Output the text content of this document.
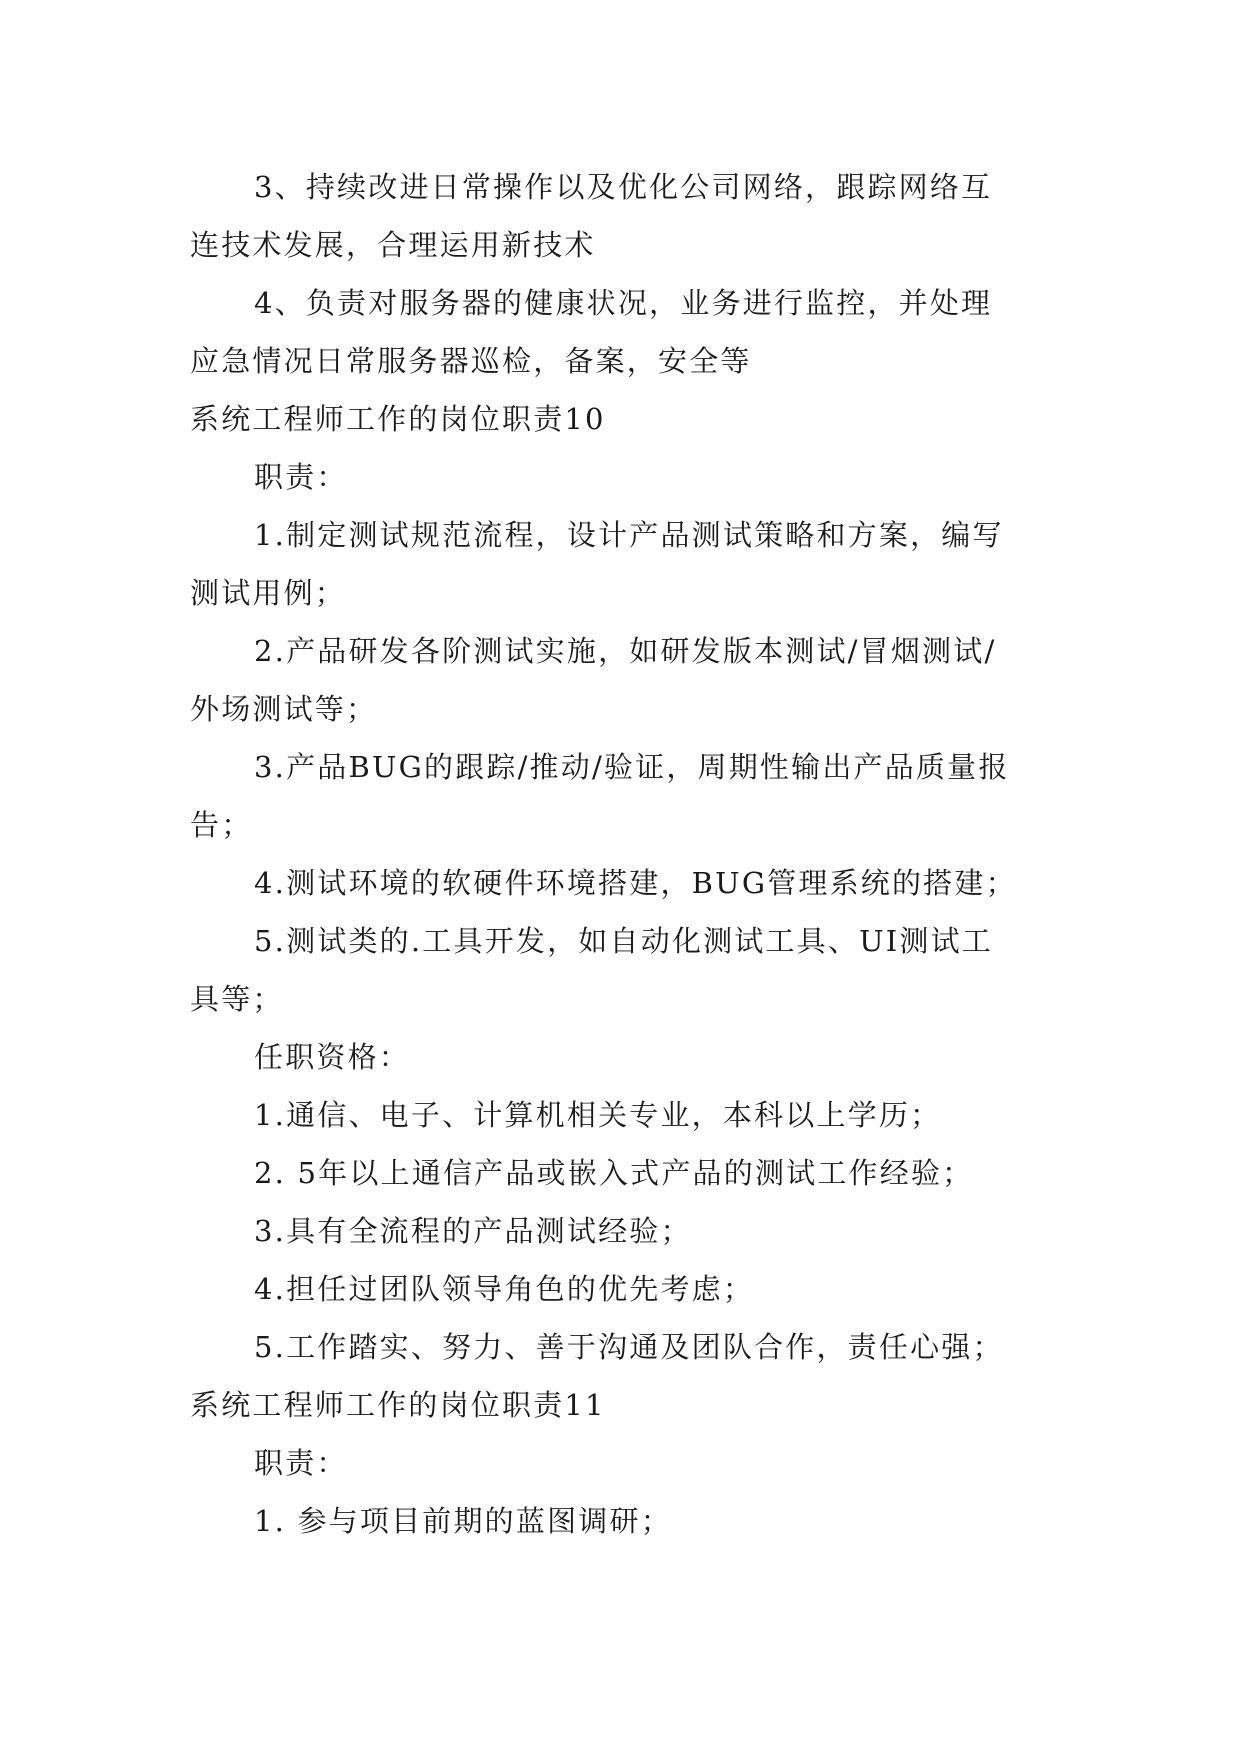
3、持续改进日常操作以及优化公司网络，跟踪网络互
连技术发展，合理运用新技术
4、负责对服务器的健康状况，业务进行监控，并处理
应急情况日常服务器巡检，备案，安全等
系统工程师工作的岗位职责10
职责：
1.制定测试规范流程，设计产品测试策略和方案，编写
测试用例；
2.产品研发各阶测试实施，如研发版本测试/冒烟测试/
外场测试等；
3.产品BUG的跟踪/推动/验证，周期性输出产品质量报
告；
4.测试环境的软硬件环境搭建，BUG管理系统的搭建；
5.测试类的.工具开发，如自动化测试工具、UI测试工
具等；
任职资格：
1.通信、电子、计算机相关专业，本科以上学历；
2. 5年以上通信产品或嵌入式产品的测试工作经验；
3.具有全流程的产品测试经验；
4.担任过团队领导角色的优先考虑；
5.工作踏实、努力、善于沟通及团队合作，责任心强；
系统工程师工作的岗位职责11
职责：
1. 参与项目前期的蓝图调研；
